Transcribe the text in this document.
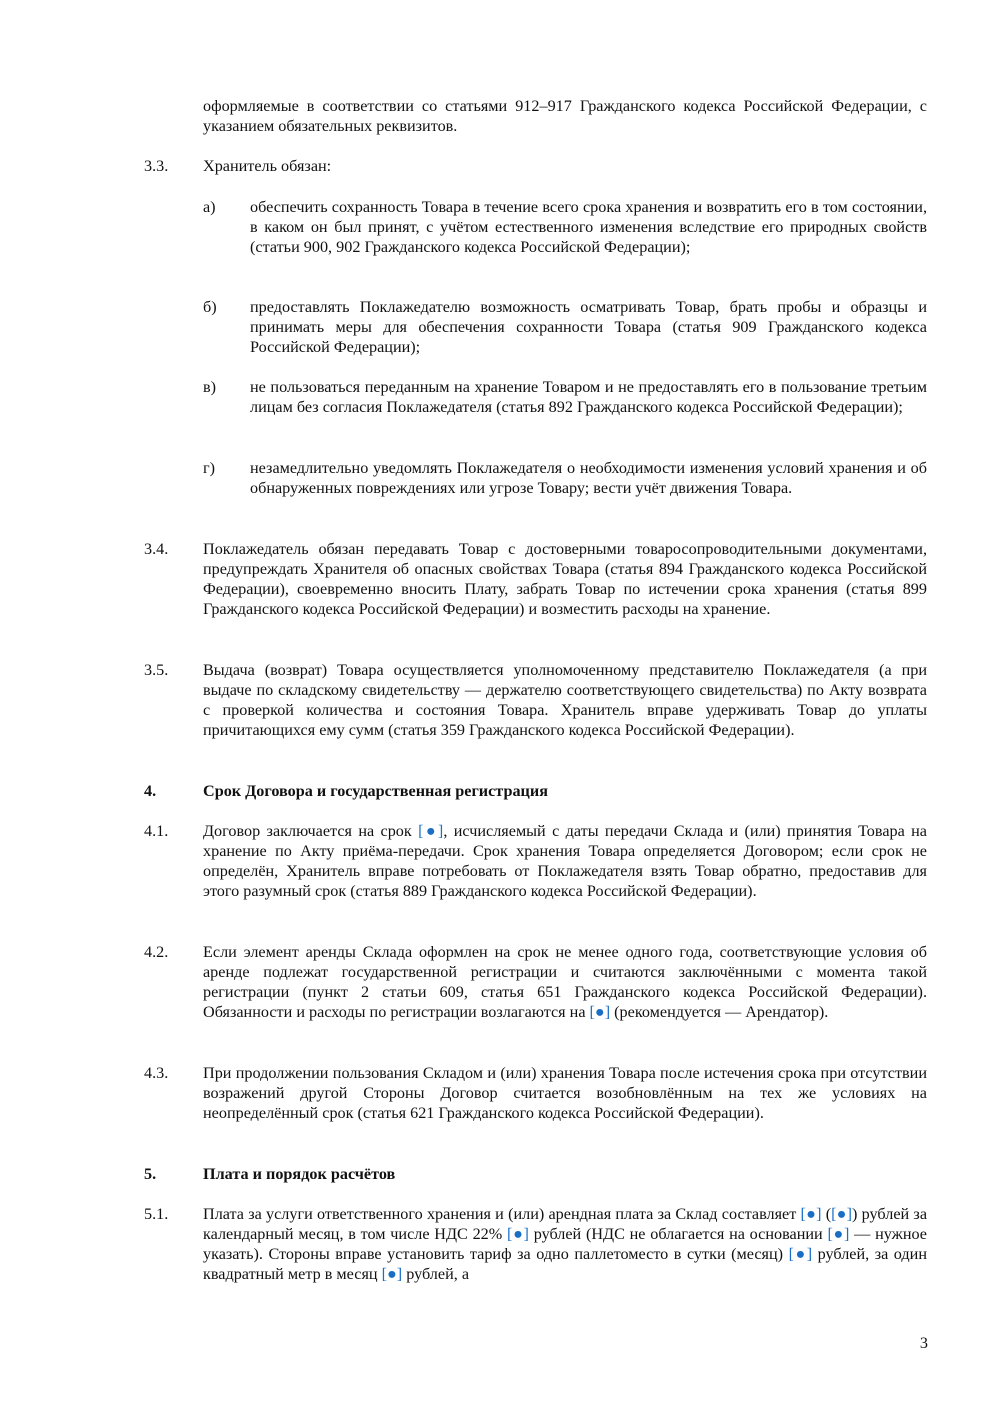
оформляемые в соответствии со статьями 912–917 Гражданского кодекса Российской Федерации, с указанием обязательных реквизитов.
3.3.	Хранитель обязан:
а)	обеспечить сохранность Товара в течение всего срока хранения и возвратить его в том состоянии, в каком он был принят, с учётом естественного изменения вследствие его природных свойств (статьи 900, 902 Гражданского кодекса Российской Федерации);
б)	предоставлять Поклажедателю возможность осматривать Товар, брать пробы и образцы и принимать меры для обеспечения сохранности Товара (статья 909 Гражданского кодекса Российской Федерации);
в)	не пользоваться переданным на хранение Товаром и не предоставлять его в пользование третьим лицам без согласия Поклажедателя (статья 892 Гражданского кодекса Российской Федерации);
г)	незамедлительно уведомлять Поклажедателя о необходимости изменения условий хранения и об обнаруженных повреждениях или угрозе Товару; вести учёт движения Товара.
3.4.	Поклажедатель обязан передавать Товар с достоверными товаросопроводительными документами, предупреждать Хранителя об опасных свойствах Товара (статья 894 Гражданского кодекса Российской Федерации), своевременно вносить Плату, забрать Товар по истечении срока хранения (статья 899 Гражданского кодекса Российской Федерации) и возместить расходы на хранение.
3.5.	Выдача (возврат) Товара осуществляется уполномоченному представителю Поклажедателя (а при выдаче по складскому свидетельству — держателю соответствующего свидетельства) по Акту возврата с проверкой количества и состояния Товара. Хранитель вправе удерживать Товар до уплаты причитающихся ему сумм (статья 359 Гражданского кодекса Российской Федерации).
4.	Срок Договора и государственная регистрация
4.1.	Договор заключается на срок [●], исчисляемый с даты передачи Склада и (или) принятия Товара на хранение по Акту приёма-передачи. Срок хранения Товара определяется Договором; если срок не определён, Хранитель вправе потребовать от Поклажедателя взять Товар обратно, предоставив для этого разумный срок (статья 889 Гражданского кодекса Российской Федерации).
4.2.	Если элемент аренды Склада оформлен на срок не менее одного года, соответствующие условия об аренде подлежат государственной регистрации и считаются заключёнными с момента такой регистрации (пункт 2 статьи 609, статья 651 Гражданского кодекса Российской Федерации). Обязанности и расходы по регистрации возлагаются на [●] (рекомендуется — Арендатор).
4.3.	При продолжении пользования Складом и (или) хранения Товара после истечения срока при отсутствии возражений другой Стороны Договор считается возобновлённым на тех же условиях на неопределённый срок (статья 621 Гражданского кодекса Российской Федерации).
5.	Плата и порядок расчётов
5.1.	Плата за услуги ответственного хранения и (или) арендная плата за Склад составляет [●] ([●]) рублей за календарный месяц, в том числе НДС 22% [●] рублей (НДС не облагается на основании [●] — нужное указать). Стороны вправе установить тариф за одно паллетоместо в сутки (месяц) [●] рублей, за один квадратный метр в месяц [●] рублей, а
3
